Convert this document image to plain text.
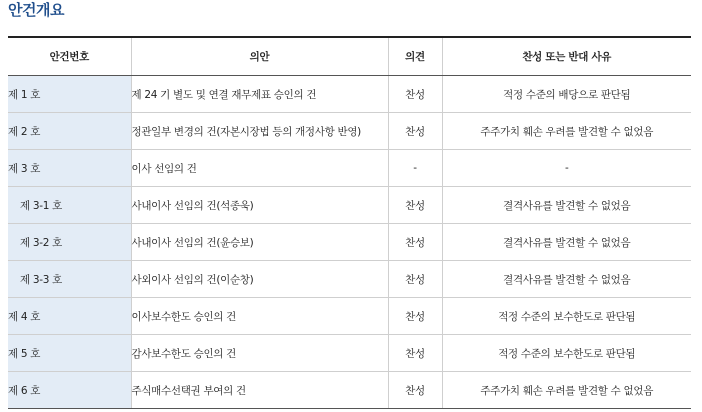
안건개요
안건번호	의안	의견	찬성 또는 반대 사유
제 1 호	제 24 기 별도 및 연결 재무제표 승인의 건	찬성	적정 수준의 배당으로 판단됨
제 2 호	정관일부 변경의 건(자본시장법 등의 개정사항 반영)	찬성	주주가치 훼손 우려를 발견할 수 없었음
제 3 호	이사 선임의 건	-	-
제 3-1 호	사내이사 선임의 건(석종욱)	찬성	결격사유를 발견할 수 없었음
제 3-2 호	사내이사 선임의 건(윤승보)	찬성	결격사유를 발견할 수 없었음
제 3-3 호	사외이사 선임의 건(이순창)	찬성	결격사유를 발견할 수 없었음
제 4 호	이사보수한도 승인의 건	찬성	적정 수준의 보수한도로 판단됨
제 5 호	감사보수한도 승인의 건	찬성	적정 수준의 보수한도로 판단됨
제 6 호	주식매수선택권 부여의 건	찬성	주주가치 훼손 우려를 발견할 수 없었음
